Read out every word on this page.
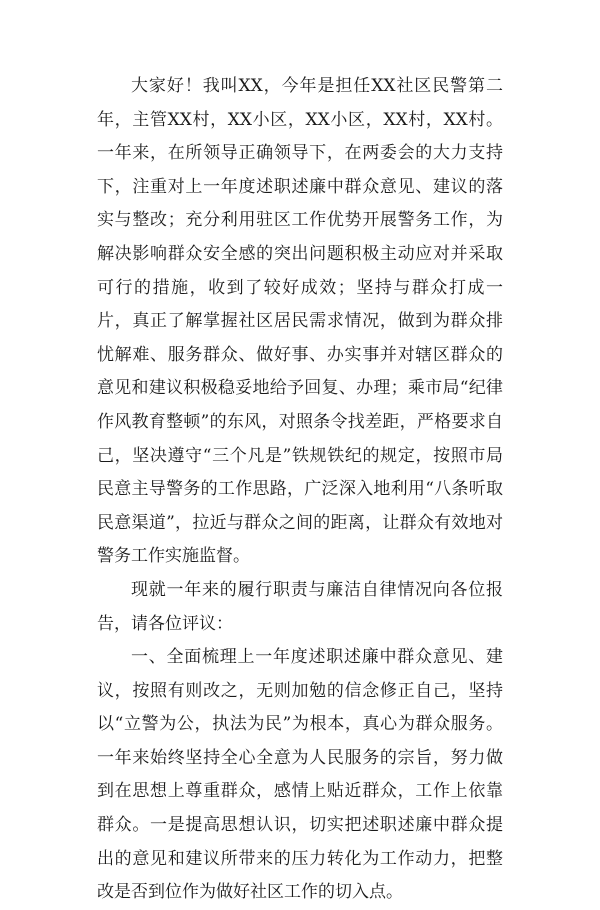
大家好！我叫XX，今年是担任XX社区民警第二年，主管XX村，XX小区，XX小区，XX村，XX村。一年来，在所领导正确领导下，在两委会的大力支持下，注重对上一年度述职述廉中群众意见、建议的落实与整改；充分利用驻区工作优势开展警务工作，为解决影响群众安全感的突出问题积极主动应对并采取可行的措施，收到了较好成效；坚持与群众打成一片，真正了解掌握社区居民需求情况，做到为群众排忧解难、服务群众、做好事、办实事并对辖区群众的意见和建议积极稳妥地给予回复、办理；乘市局“纪律作风教育整顿”的东风，对照条令找差距，严格要求自己，坚决遵守“三个凡是”铁规铁纪的规定，按照市局民意主导警务的工作思路，广泛深入地利用“八条听取民意渠道”，拉近与群众之间的距离，让群众有效地对警务工作实施监督。

现就一年来的履行职责与廉洁自律情况向各位报告，请各位评议：

一、全面梳理上一年度述职述廉中群众意见、建议，按照有则改之，无则加勉的信念修正自己，坚持以“立警为公，执法为民”为根本，真心为群众服务。一年来始终坚持全心全意为人民服务的宗旨，努力做到在思想上尊重群众，感情上贴近群众，工作上依靠群众。一是提高思想认识，切实把述职述廉中群众提出的意见和建议所带来的压力转化为工作动力，把整改是否到位作为做好社区工作的切入点。
